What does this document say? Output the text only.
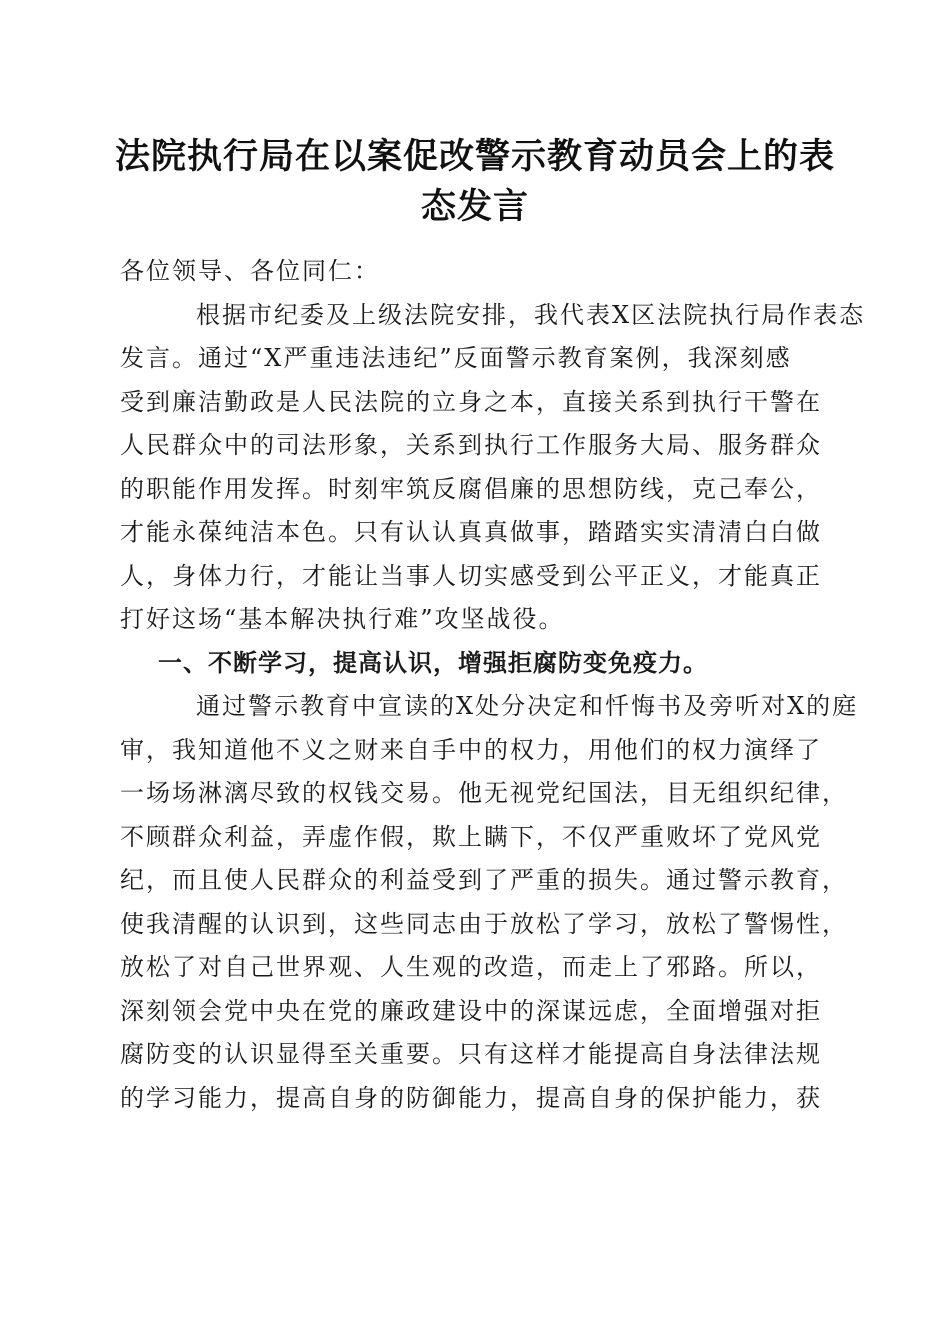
法院执行局在以案促改警示教育动员会上的表
态发言

各位领导、各位同仁：

根据市纪委及上级法院安排，我代表X区法院执行局作表态
发言。通过“X严重违法违纪”反面警示教育案例，我深刻感
受到廉洁勤政是人民法院的立身之本，直接关系到执行干警在
人民群众中的司法形象，关系到执行工作服务大局、服务群众
的职能作用发挥。时刻牢筑反腐倡廉的思想防线，克己奉公，
才能永葆纯洁本色。只有认认真真做事，踏踏实实清清白白做
人，身体力行，才能让当事人切实感受到公平正义，才能真正
打好这场“基本解决执行难”攻坚战役。

一、不断学习，提高认识，增强拒腐防变免疫力。

通过警示教育中宣读的X处分决定和忏悔书及旁听对X的庭
审，我知道他不义之财来自手中的权力，用他们的权力演绎了
一场场淋漓尽致的权钱交易。他无视党纪国法，目无组织纪律，
不顾群众利益，弄虚作假，欺上瞒下，不仅严重败坏了党风党
纪，而且使人民群众的利益受到了严重的损失。通过警示教育，
使我清醒的认识到，这些同志由于放松了学习，放松了警惕性，
放松了对自己世界观、人生观的改造，而走上了邪路。所以，
深刻领会党中央在党的廉政建设中的深谋远虑，全面增强对拒
腐防变的认识显得至关重要。只有这样才能提高自身法律法规
的学习能力，提高自身的防御能力，提高自身的保护能力，获
